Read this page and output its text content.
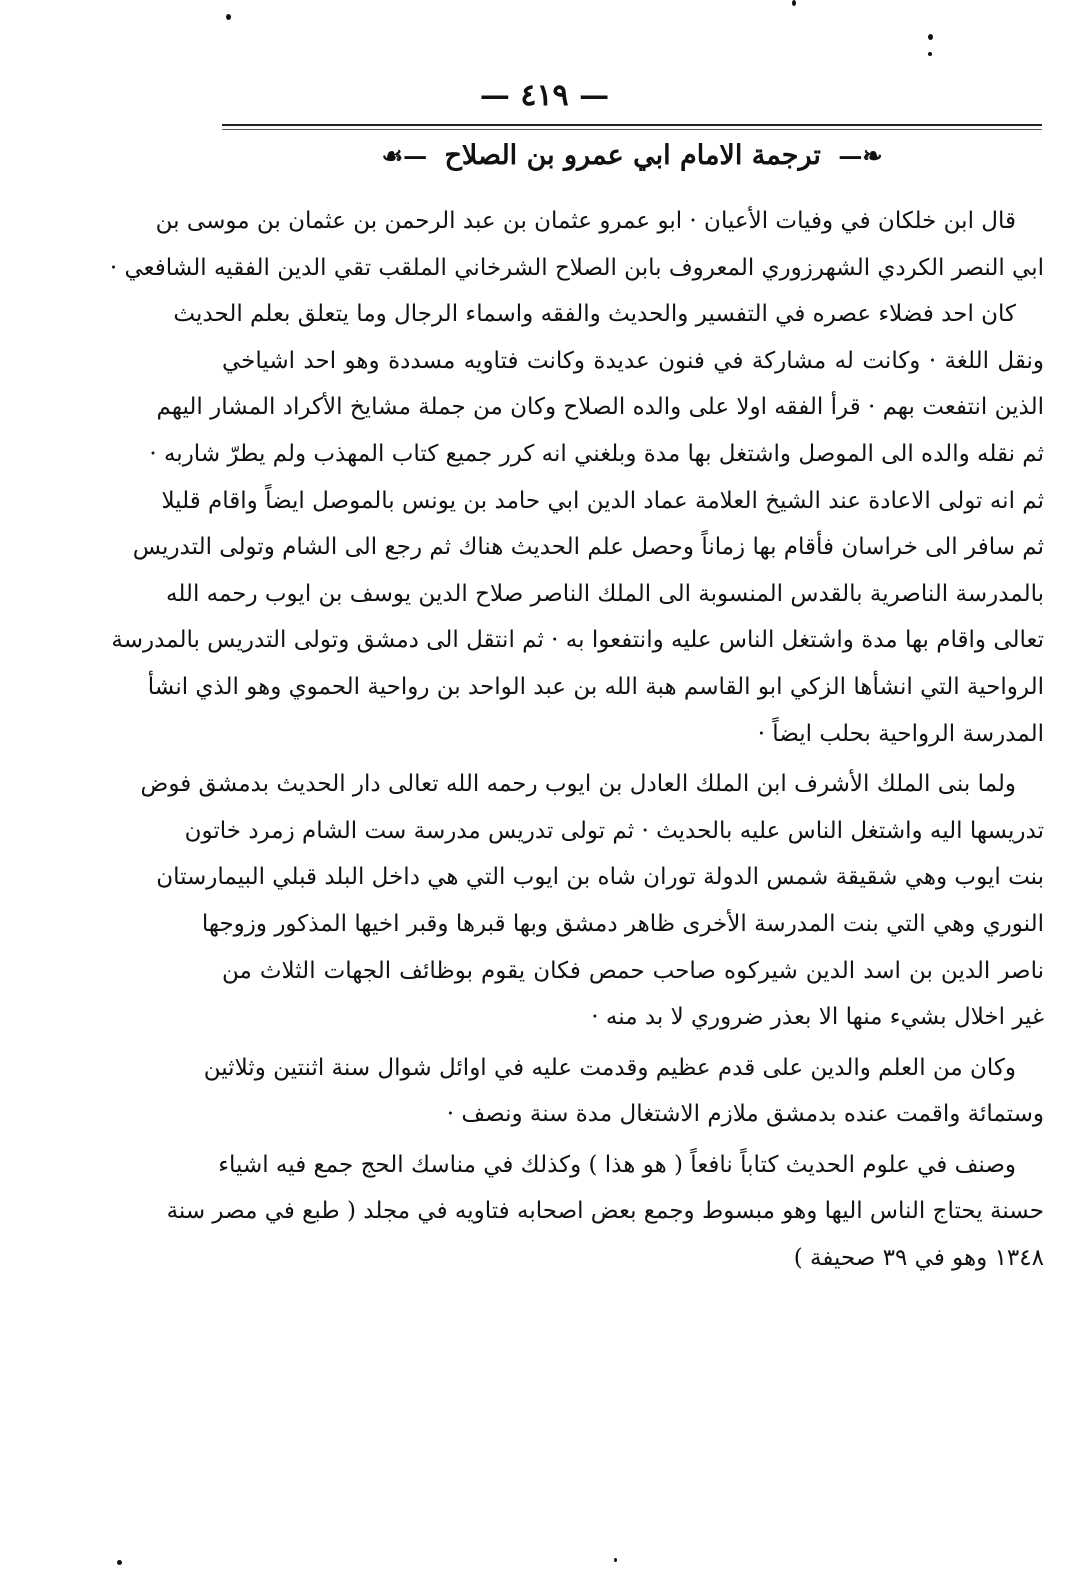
— ٤١٩ —
❧— ترجمة الامام ابي عمرو بن الصلاح —☙
قال ابن خلكان في وفيات الأعيان · ابو عمرو عثمان بن عبد الرحمن بن عثمان بن موسى بن
ابي النصر الكردي الشهرزوري المعروف بابن الصلاح الشرخاني الملقب تقي الدين الفقيه الشافعي ·
كان احد فضلاء عصره في التفسير والحديث والفقه واسماء الرجال وما يتعلق بعلم الحديث
ونقل اللغة · وكانت له مشاركة في فنون عديدة وكانت فتاويه مسددة وهو احد اشياخي
الذين انتفعت بهم · قرأ الفقه اولا على والده الصلاح وكان من جملة مشايخ الأكراد المشار اليهم
ثم نقله والده الى الموصل واشتغل بها مدة وبلغني انه كرر جميع كتاب المهذب ولم يطرّ شاربه ·
ثم انه تولى الاعادة عند الشيخ العلامة عماد الدين ابي حامد بن يونس بالموصل ايضاً واقام قليلا
ثم سافر الى خراسان فأقام بها زماناً وحصل علم الحديث هناك ثم رجع الى الشام وتولى التدريس
بالمدرسة الناصرية بالقدس المنسوبة الى الملك الناصر صلاح الدين يوسف بن ايوب رحمه الله
تعالى واقام بها مدة واشتغل الناس عليه وانتفعوا به · ثم انتقل الى دمشق وتولى التدريس بالمدرسة
الرواحية التي انشأها الزكي ابو القاسم هبة الله بن عبد الواحد بن رواحية الحموي وهو الذي انشأ
المدرسة الرواحية بحلب ايضاً ·
ولما بنى الملك الأشرف ابن الملك العادل بن ايوب رحمه الله تعالى دار الحديث بدمشق فوض
تدريسها اليه واشتغل الناس عليه بالحديث · ثم تولى تدريس مدرسة ست الشام زمرد خاتون
بنت ايوب وهي شقيقة شمس الدولة توران شاه بن ايوب التي هي داخل البلد قبلي البيمارستان
النوري وهي التي بنت المدرسة الأخرى ظاهر دمشق وبها قبرها وقبر اخيها المذكور وزوجها
ناصر الدين بن اسد الدين شيركوه صاحب حمص فكان يقوم بوظائف الجهات الثلاث من
غير اخلال بشيء منها الا بعذر ضروري لا بد منه ·
وكان من العلم والدين على قدم عظيم وقدمت عليه في اوائل شوال سنة اثنتين وثلاثين
وستمائة واقمت عنده بدمشق ملازم الاشتغال مدة سنة ونصف ·
وصنف في علوم الحديث كتاباً نافعاً ( هو هذا ) وكذلك في مناسك الحج جمع فيه اشياء
حسنة يحتاج الناس اليها وهو مبسوط وجمع بعض اصحابه فتاويه في مجلد ( طبع في مصر سنة
١٣٤٨ وهو في ٣٩ صحيفة )
